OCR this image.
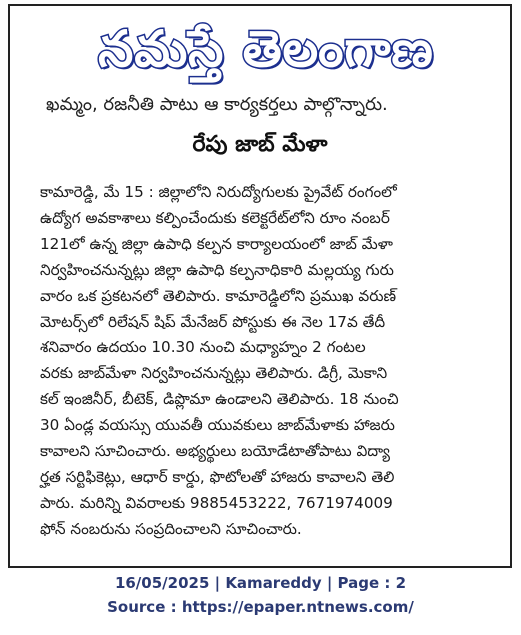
నమస్తే తెలంగాణ
ఖమ్మం, రజనీతి పాటు ఆ కార్యకర్తలు పాల్గొన్నారు.
రేపు జాబ్ మేళా
కామారెడ్డి, మే 15 : జిల్లాలోని నిరుద్యోగులకు ప్రైవేట్ రంగంలో
ఉద్యోగ అవకాశాలు కల్పించేందుకు కలెక్టరేట్‌లోని రూం నంబర్
121లో ఉన్న జిల్లా ఉపాధి కల్పన కార్యాలయంలో జాబ్ మేళా
నిర్వహించనున్నట్లు జిల్లా ఉపాధి కల్పనాధికారి మల్లయ్య గురు
వారం ఒక ప్రకటనలో తెలిపారు. కామారెడ్డిలోని ప్రముఖ వరుణ్
మోటర్స్‌లో రిలేషన్ షిప్ మేనేజర్ పోస్టుకు ఈ నెల 17వ తేదీ
శనివారం ఉదయం 10.30 నుంచి మధ్యాహ్నం 2 గంటల
వరకు జాబ్‌మేళా నిర్వహించనున్నట్లు తెలిపారు. డిగ్రీ, మెకాని
కల్ ఇంజినీర్, బీటెక్, డిప్లొమా ఉండాలని తెలిపారు. 18 నుంచి
30 ఏండ్ల వయస్సు యువతీ యువకులు జాబ్‌మేళాకు హాజరు
కావాలని సూచించారు. అభ్యర్థులు బయోడేటాతోపాటు విద్యా
ర్హత సర్టిఫికెట్లు, ఆధార్ కార్డు, ఫొటోలతో హాజరు కావాలని తెలి
పారు. మరిన్ని వివరాలకు 9885453222, 7671974009
ఫోన్ నంబరును సంప్రదించాలని సూచించారు.
16/05/2025 | Kamareddy | Page : 2
Source : https://epaper.ntnews.com/
